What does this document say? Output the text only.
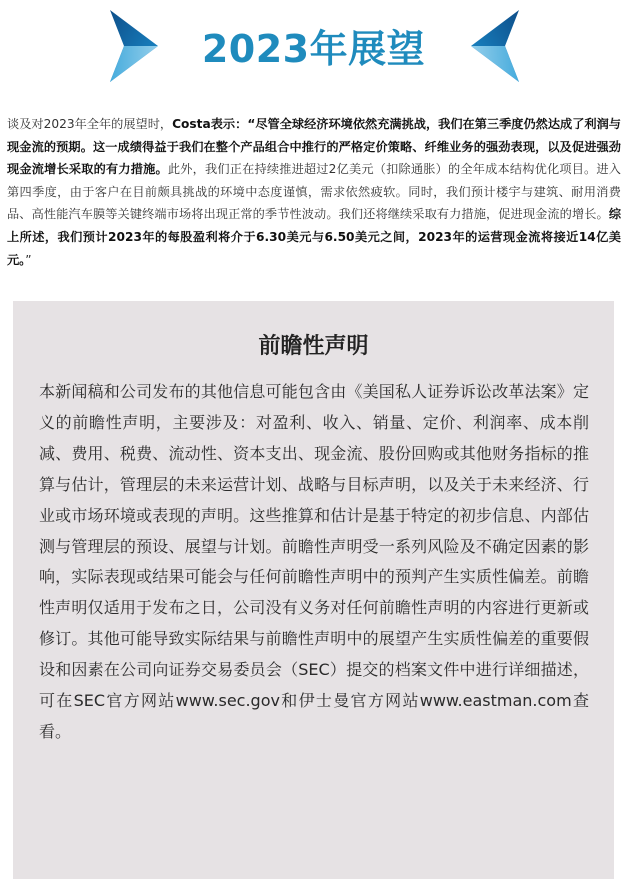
2023年展望

谈及对2023年全年的展望时，Costa表示：“尽管全球经济环境依然充满挑战，我们在第三季度仍然达成了利润与现金流的预期。这一成绩得益于我们在整个产品组合中推行的严格定价策略、纤维业务的强劲表现，以及促进强劲现金流增长采取的有力措施。此外，我们正在持续推进超过2亿美元（扣除通胀）的全年成本结构优化项目。进入第四季度，由于客户在目前颇具挑战的环境中态度谨慎，需求依然疲软。同时，我们预计楼宇与建筑、耐用消费品、高性能汽车膜等关键终端市场将出现正常的季节性波动。我们还将继续采取有力措施，促进现金流的增长。综上所述，我们预计2023年的每股盈利将介于6.30美元与6.50美元之间，2023年的运营现金流将接近14亿美元。”

前瞻性声明

本新闻稿和公司发布的其他信息可能包含由《美国私人证券诉讼改革法案》定义的前瞻性声明，主要涉及：对盈利、收入、销量、定价、利润率、成本削减、费用、税费、流动性、资本支出、现金流、股份回购或其他财务指标的推算与估计，管理层的未来运营计划、战略与目标声明，以及关于未来经济、行业或市场环境或表现的声明。这些推算和估计是基于特定的初步信息、内部估测与管理层的预设、展望与计划。前瞻性声明受一系列风险及不确定因素的影响，实际表现或结果可能会与任何前瞻性声明中的预判产生实质性偏差。前瞻性声明仅适用于发布之日，公司没有义务对任何前瞻性声明的内容进行更新或修订。其他可能导致实际结果与前瞻性声明中的展望产生实质性偏差的重要假设和因素在公司向证券交易委员会（SEC）提交的档案文件中进行详细描述，可在SEC官方网站www.sec.gov和伊士曼官方网站www.eastman.com查看。
